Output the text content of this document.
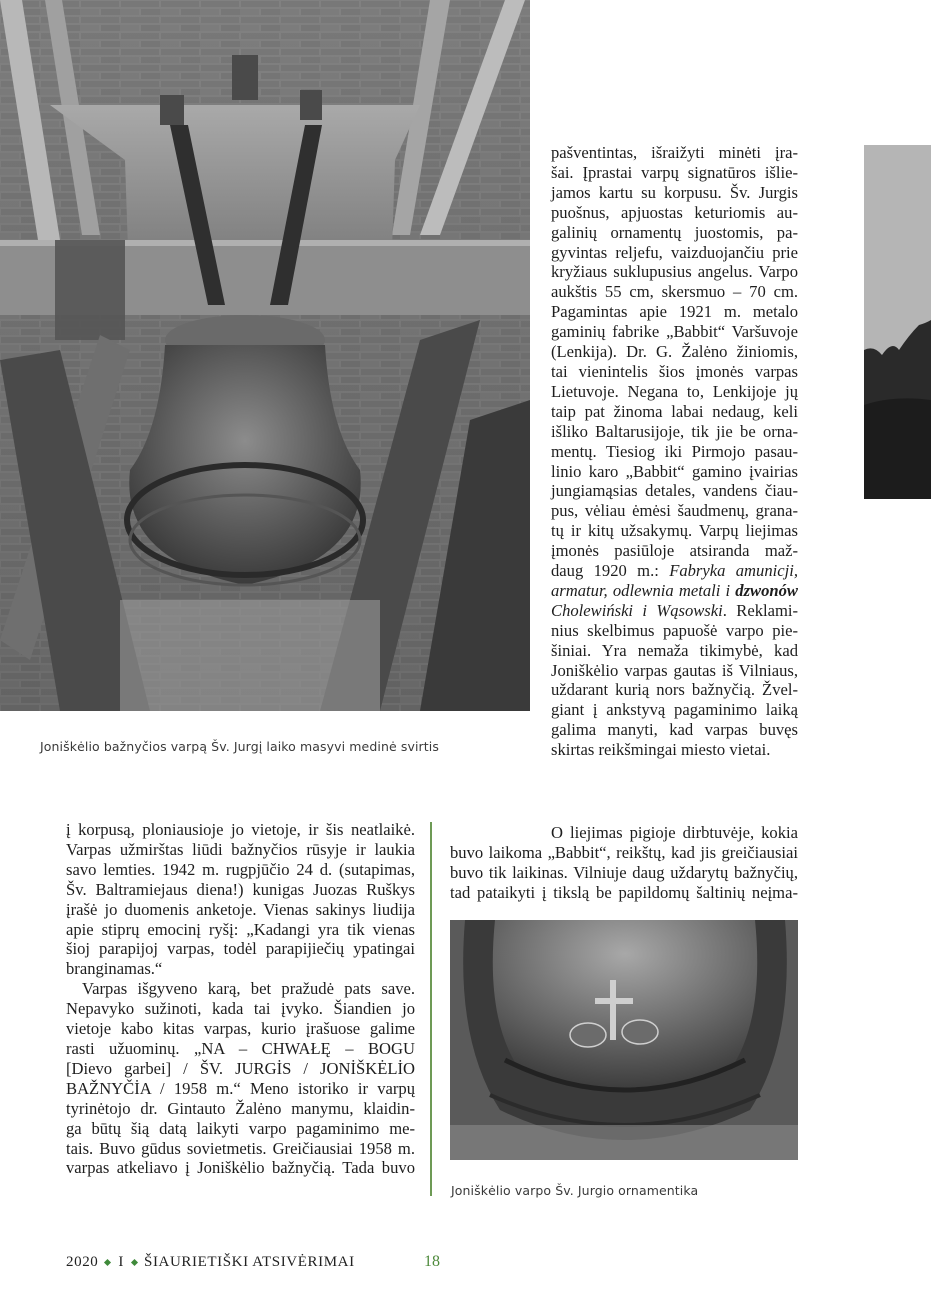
Joniškėlio bažnyčios varpą Šv. Jurgį laiko masyvi medinė svirtis
Joniškėlio varpo Šv. Jurgio ornamentika
pašventintas, išraižyti minėti įra-
šai. Įprastai varpų signatūros išlie-
jamos kartu su korpusu. Šv. Jurgis
puošnus, apjuostas keturiomis au-
galinių ornamentų juostomis, pa-
gyvintas reljefu, vaizduojančiu prie
kryžiaus suklupusius angelus. Varpo
aukštis 55 cm, skersmuo – 70 cm.
Pagamintas apie 1921 m. metalo
gaminių fabrike „Babbit“ Varšuvoje
(Lenkija). Dr. G. Žalėno žiniomis,
tai vienintelis šios įmonės varpas
Lietuvoje. Negana to, Lenkijoje jų
taip pat žinoma labai nedaug, keli
išliko Baltarusijoje, tik jie be orna-
mentų. Tiesiog iki Pirmojo pasau-
linio karo „Babbit“ gamino įvairias
jungiamąsias detales, vandens čiau-
pus, vėliau ėmėsi šaudmenų, grana-
tų ir kitų užsakymų. Varpų liejimas
įmonės pasiūloje atsiranda maž-
daug 1920 m.: Fabryka amunicji,
armatur, odlewnia metali i dzwonów
Cholewiński i Wąsowski. Reklami-
nius skelbimus papuošė varpo pie-
šiniai. Yra nemaža tikimybė, kad
Joniškėlio varpas gautas iš Vilniaus,
uždarant kurią nors bažnyčią. Žvel-
giant į ankstyvą pagaminimo laiką
galima manyti, kad varpas buvęs
skirtas reikšmingai miesto vietai.
O liejimas pigioje dirbtuvėje, kokia
buvo laikoma „Babbit“, reikštų, kad jis greičiausiai
buvo tik laikinas. Vilniuje daug uždarytų bažnyčių,
tad pataikyti į tikslą be papildomų šaltinių neįma-
į korpusą, ploniausioje jo vietoje, ir šis neatlaikė.
Varpas užmirštas liūdi bažnyčios rūsyje ir laukia
savo lemties. 1942 m. rugpjūčio 24 d. (sutapimas,
Šv. Baltramiejaus diena!) kunigas Juozas Ruškys
įrašė jo duomenis anketoje. Vienas sakinys liudija
apie stiprų emocinį ryšį: „Kadangi yra tik vienas
šioj parapijoj varpas, todėl parapijiečių ypatingai
branginamas.“
Varpas išgyveno karą, bet pražudė pats save.
Nepavyko sužinoti, kada tai įvyko. Šiandien jo
vietoje kabo kitas varpas, kurio įrašuose galime
rasti užuominų. „NA – CHWAŁĘ – BOGU
[Dievo garbei] / ŠV. JURGİS / JONİŠKĖLİO
BAŽNYČİA / 1958 m.“ Meno istoriko ir varpų
tyrinėtojo dr. Gintauto Žalėno manymu, klaidin-
ga būtų šią datą laikyti varpo pagaminimo me-
tais. Buvo gūdus sovietmetis. Greičiausiai 1958 m.
varpas atkeliavo į Joniškėlio bažnyčią. Tada buvo
2020 I ŠIAURIETIŠKI ATSIVĖRIMAI	18
